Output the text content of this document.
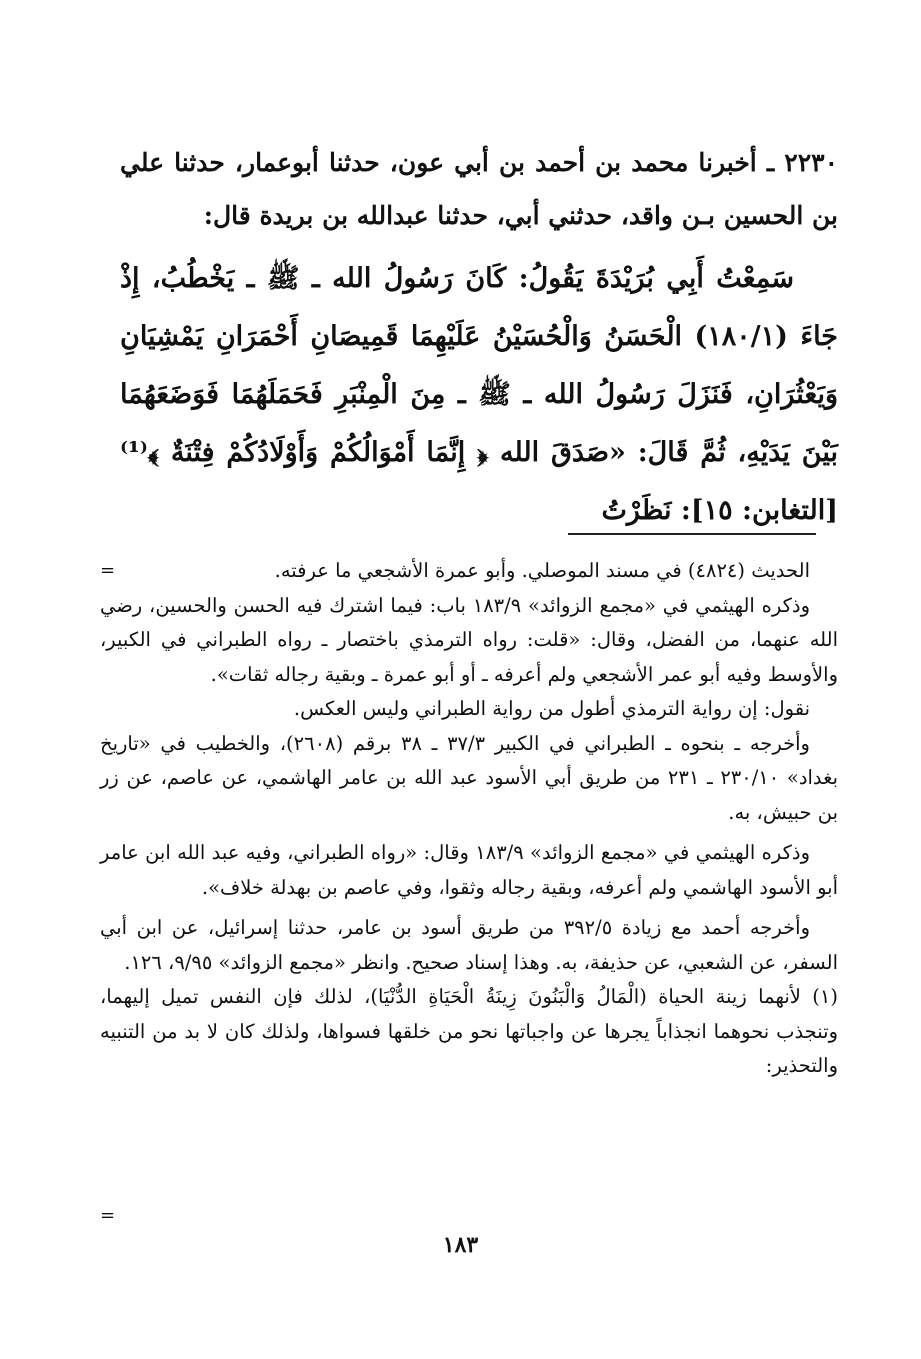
٢٢٣٠ ـ أخبرنا محمد بن أحمد بن أبي عون، حدثنا أبوعمار، حدثنا علي بن الحسين بـن واقد، حدثني أبي، حدثنا عبدالله بن بريدة قال:

سَمِعْتُ أَبِي بُرَيْدَةَ يَقُولُ: كَانَ رَسُولُ الله ـ ﷺ ـ يَخْطُبُ، إِذْ جَاءَ (١٨٠/١) الْحَسَنُ وَالْحُسَيْنُ عَلَيْهِمَا قَمِيصَانِ أَحْمَرَانِ يَمْشِيَانِ وَيَعْثُرَانِ، فَنَزَلَ رَسُولُ الله ـ ﷺ ـ مِنَ الْمِنْبَرِ فَحَمَلَهُمَا فَوَضَعَهُمَا بَيْنَ يَدَيْهِ، ثُمَّ قَالَ: «صَدَقَ الله ﴿ إِنَّمَا أَمْوَالُكُمْ وَأَوْلَادُكُمْ فِتْنَةٌ ﴾⁽¹⁾ [التغابن: ١٥]: نَظَرْتُ

=	الحديث (٤٨٢٤) في مسند الموصلي. وأبو عمرة الأشجعي ما عرفته.

وذكره الهيثمي في «مجمع الزوائد» ١٨٣/٩ باب: فيما اشترك فيه الحسن والحسين، رضي الله عنهما، من الفضل، وقال: «قلت: رواه الترمذي باختصار ـ رواه الطبراني في الكبير، والأوسط وفيه أبو عمر الأشجعي ولم أعرفه ـ أو أبو عمرة ـ وبقية رجاله ثقات».

نقول: إن رواية الترمذي أطول من رواية الطبراني وليس العكس.

وأخرجه ـ بنحوه ـ الطبراني في الكبير ٣٧/٣ ـ ٣٨ برقم (٢٦٠٨)، والخطيب في «تاريخ بغداد» ٢٣٠/١٠ ـ ٢٣١ من طريق أبي الأسود عبد الله بن عامر الهاشمي، عن عاصم، عن زر بن حبيش، به.

وذكره الهيثمي في «مجمع الزوائد» ١٨٣/٩ وقال: «رواه الطبراني، وفيه عبد الله ابن عامر أبو الأسود الهاشمي ولم أعرفه، وبقية رجاله وثقوا، وفي عاصم بن بهدلة خلاف».

وأخرجه أحمد مع زيادة ٣٩٢/٥ من طريق أسود بن عامر، حدثنا إسرائيل، عن ابن أبي السفر، عن الشعبي، عن حذيفة، به. وهذا إسناد صحيح. وانظر «مجمع الزوائد» ٩/٩٥، ١٢٦.

(١) لأنهما زينة الحياة (الْمَالُ وَالْبَنُونَ زِينَةُ الْحَيَاةِ الدُّنْيَا)، لذلك فإن النفس تميل إليهما، وتنجذب نحوهما انجذاباً يجرها عن واجباتها نحو من خلقها فسواها، ولذلك كان لا بد من التنبيه والتحذير:

=
١٨٣
